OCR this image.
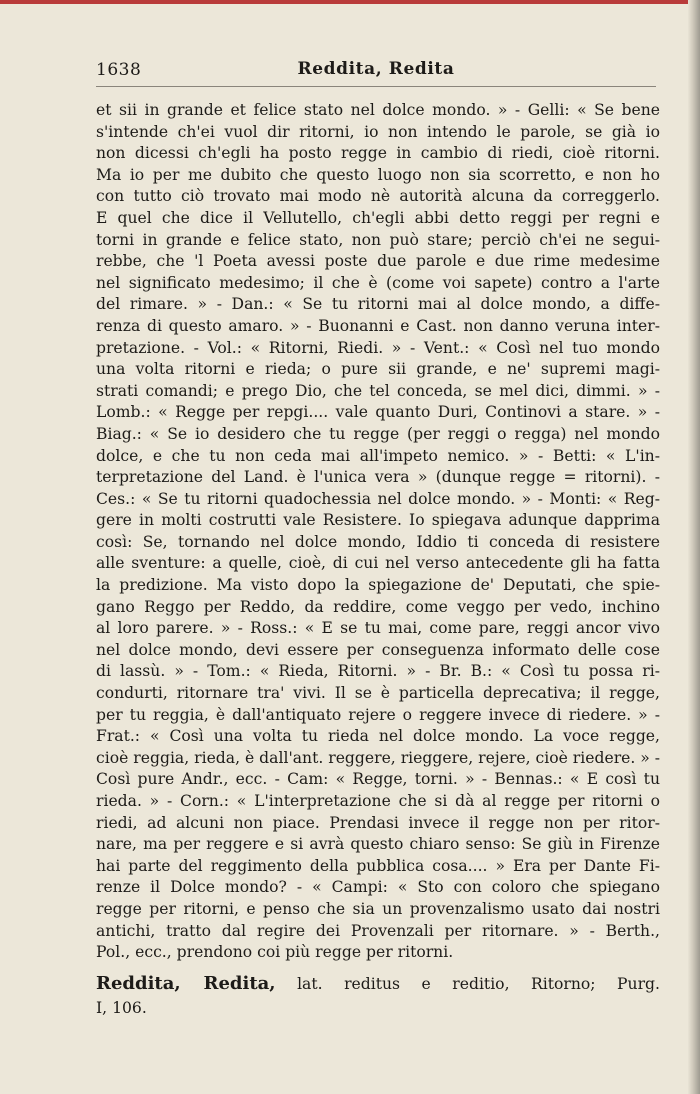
1638	Reddita, Redita
et sii in grande et felice stato nel dolce mondo. » - Gelli: « Se bene
s'intende ch'ei vuol dir ritorni, io non intendo le parole, se già io
non dicessi ch'egli ha posto regge in cambio di riedi, cioè ritorni.
Ma io per me dubito che questo luogo non sia scorretto, e non ho
con tutto ciò trovato mai modo nè autorità alcuna da correggerlo.
E quel che dice il Vellutello, ch'egli abbi detto reggi per regni e
torni in grande e felice stato, non può stare; perciò ch'ei ne segui-
rebbe, che 'l Poeta avessi poste due parole e due rime medesime
nel significato medesimo; il che è (come voi sapete) contro a l'arte
del rimare. » - Dan.: « Se tu ritorni mai al dolce mondo, a diffe-
renza di questo amaro. » - Buonanni e Cast. non danno veruna inter-
pretazione. - Vol.: « Ritorni, Riedi. » - Vent.: « Così nel tuo mondo
una volta ritorni e rieda; o pure sii grande, e ne' supremi magi-
strati comandi; e prego Dio, che tel conceda, se mel dici, dimmi. » -
Lomb.: « Regge per repgi.... vale quanto Duri, Continovi a stare. » -
Biag.: « Se io desidero che tu regge (per reggi o regga) nel mondo
dolce, e che tu non ceda mai all'impeto nemico. » - Betti: « L'in-
terpretazione del Land. è l'unica vera » (dunque regge = ritorni). -
Ces.: « Se tu ritorni quadochessia nel dolce mondo. » - Monti: « Reg-
gere in molti costrutti vale Resistere. Io spiegava adunque dapprima
così: Se, tornando nel dolce mondo, Iddio ti conceda di resistere
alle sventure: a quelle, cioè, di cui nel verso antecedente gli ha fatta
la predizione. Ma visto dopo la spiegazione de' Deputati, che spie-
gano Reggo per Reddo, da reddire, come veggo per vedo, inchino
al loro parere. » - Ross.: « E se tu mai, come pare, reggi ancor vivo
nel dolce mondo, devi essere per conseguenza informato delle cose
di lassù. » - Tom.: « Rieda, Ritorni. » - Br. B.: « Così tu possa ri-
condurti, ritornare tra' vivi. Il se è particella deprecativa; il regge,
per tu reggia, è dall'antiquato rejere o reggere invece di riedere. » -
Frat.: « Così una volta tu rieda nel dolce mondo. La voce regge,
cioè reggia, rieda, è dall'ant. reggere, rieggere, rejere, cioè riedere. » -
Così pure Andr., ecc. - Cam: « Regge, torni. » - Bennas.: « E così tu
rieda. » - Corn.: « L'interpretazione che si dà al regge per ritorni o
riedi, ad alcuni non piace. Prendasi invece il regge non per ritor-
nare, ma per reggere e si avrà questo chiaro senso: Se giù in Firenze
hai parte del reggimento della pubblica cosa.... » Era per Dante Fi-
renze il Dolce mondo? - « Campi: « Sto con coloro che spiegano
regge per ritorni, e penso che sia un provenzalismo usato dai nostri
antichi, tratto dal regire dei Provenzali per ritornare. » - Berth.,
Pol., ecc., prendono coi più regge per ritorni.
Reddita, Redita, lat. reditus e reditio, Ritorno; Purg.
I, 106.
